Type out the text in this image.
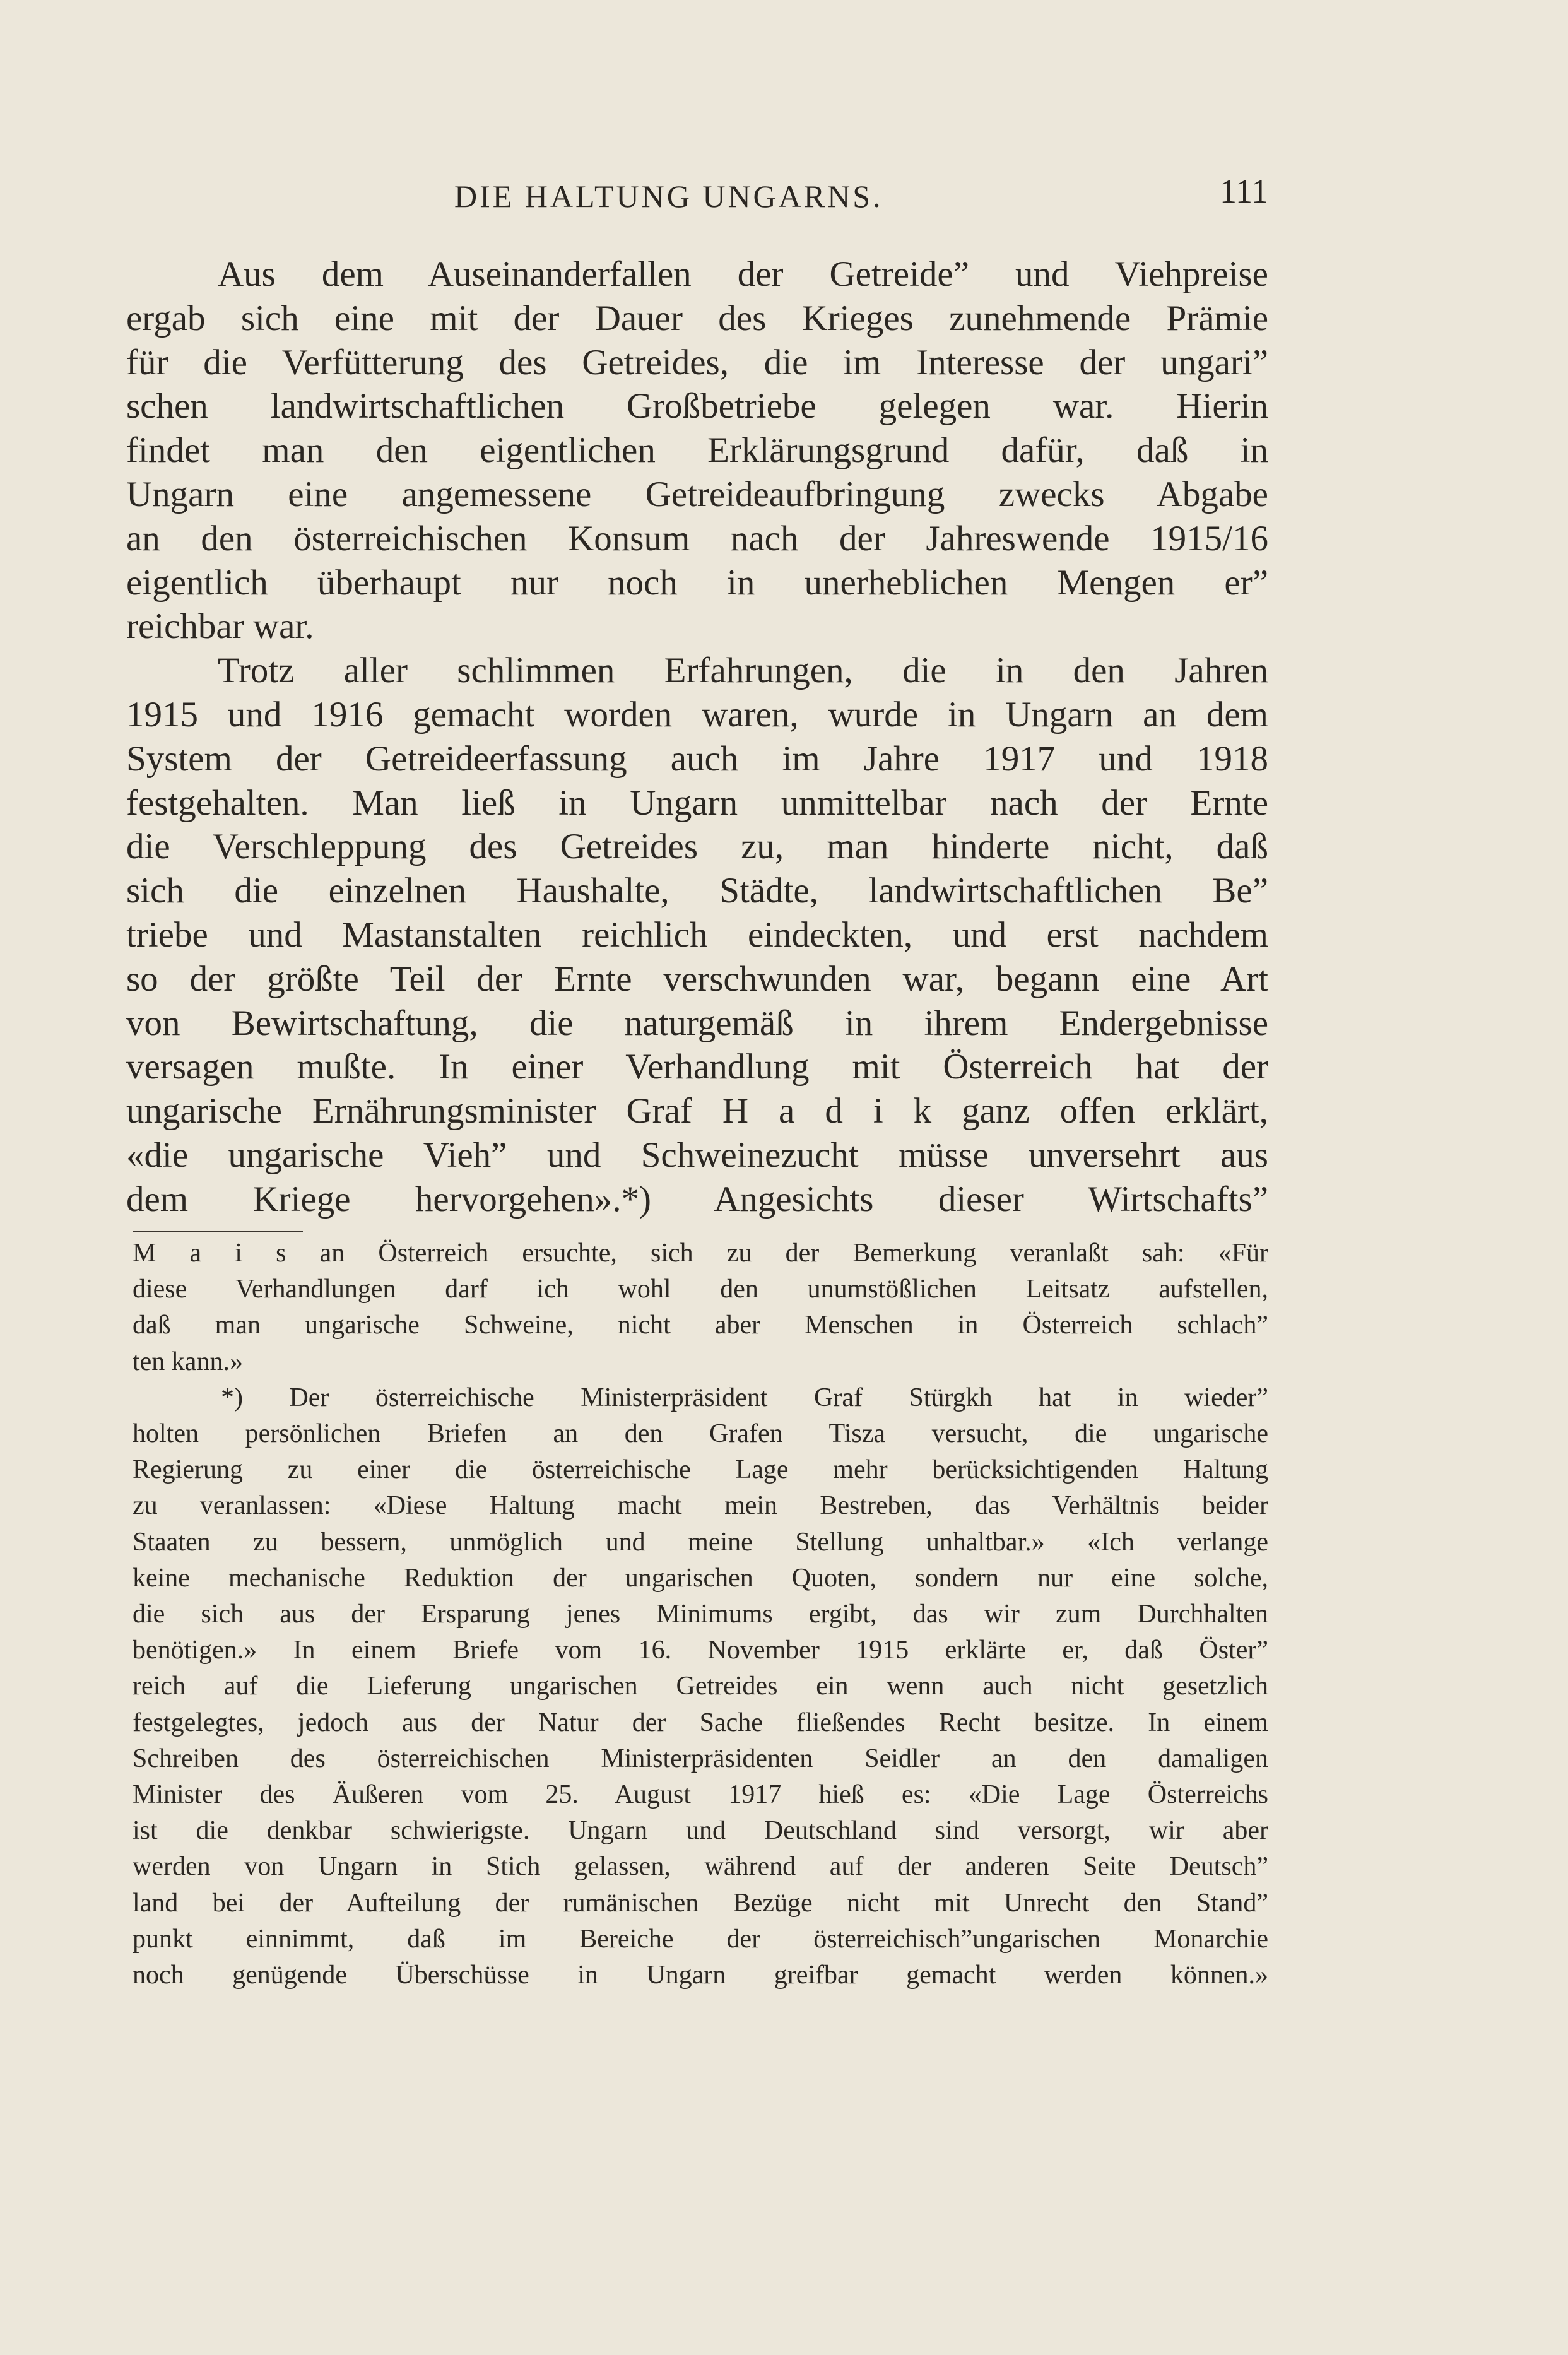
DIE HALTUNG UNGARNS.	111
Aus dem Auseinanderfallen der Getreideˮ und Viehpreise
ergab sich eine mit der Dauer des Krieges zunehmende Prämie
für die Verfütterung des Getreides, die im Interesse der ungariˮ
schen landwirtschaftlichen Großbetriebe gelegen war. Hierin
findet man den eigentlichen Erklärungsgrund dafür, daß in
Ungarn eine angemessene Getreideaufbringung zwecks Abgabe
an den österreichischen Konsum nach der Jahreswende 1915/16
eigentlich überhaupt nur noch in unerheblichen Mengen erˮ
reichbar war.
Trotz aller schlimmen Erfahrungen, die in den Jahren
1915 und 1916 gemacht worden waren, wurde in Ungarn an dem
System der Getreideerfassung auch im Jahre 1917 und 1918
festgehalten. Man ließ in Ungarn unmittelbar nach der Ernte
die Verschleppung des Getreides zu, man hinderte nicht, daß
sich die einzelnen Haushalte, Städte, landwirtschaftlichen Beˮ
triebe und Mastanstalten reichlich eindeckten, und erst nachdem
so der größte Teil der Ernte verschwunden war, begann eine Art
von Bewirtschaftung, die naturgemäß in ihrem Endergebnisse
versagen mußte. In einer Verhandlung mit Österreich hat der
ungarische Ernährungsminister Graf H a d i k ganz offen erklärt,
«die ungarische Viehˮ und Schweinezucht müsse unversehrt aus
dem Kriege hervorgehen».*) Angesichts dieser Wirtschaftsˮ
M a i s an Österreich ersuchte, sich zu der Bemerkung veranlaßt sah: «Für
diese Verhandlungen darf ich wohl den unumstößlichen Leitsatz aufstellen,
daß man ungarische Schweine, nicht aber Menschen in Österreich schlachˮ
ten kann.»
*) Der österreichische Ministerpräsident Graf Stürgkh hat in wiederˮ
holten persönlichen Briefen an den Grafen Tisza versucht, die ungarische
Regierung zu einer die österreichische Lage mehr berücksichtigenden Haltung
zu veranlassen: «Diese Haltung macht mein Bestreben, das Verhältnis beider
Staaten zu bessern, unmöglich und meine Stellung unhaltbar.» «Ich verlange
keine mechanische Reduktion der ungarischen Quoten, sondern nur eine solche,
die sich aus der Ersparung jenes Minimums ergibt, das wir zum Durchhalten
benötigen.» In einem Briefe vom 16. November 1915 erklärte er, daß Österˮ
reich auf die Lieferung ungarischen Getreides ein wenn auch nicht gesetzlich
festgelegtes, jedoch aus der Natur der Sache fließendes Recht besitze. In einem
Schreiben des österreichischen Ministerpräsidenten Seidler an den damaligen
Minister des Äußeren vom 25. August 1917 hieß es: «Die Lage Österreichs
ist die denkbar schwierigste. Ungarn und Deutschland sind versorgt, wir aber
werden von Ungarn in Stich gelassen, während auf der anderen Seite Deutschˮ
land bei der Aufteilung der rumänischen Bezüge nicht mit Unrecht den Standˮ
punkt einnimmt, daß im Bereiche der österreichischˮungarischen Monarchie
noch genügende Überschüsse in Ungarn greifbar gemacht werden können.»
